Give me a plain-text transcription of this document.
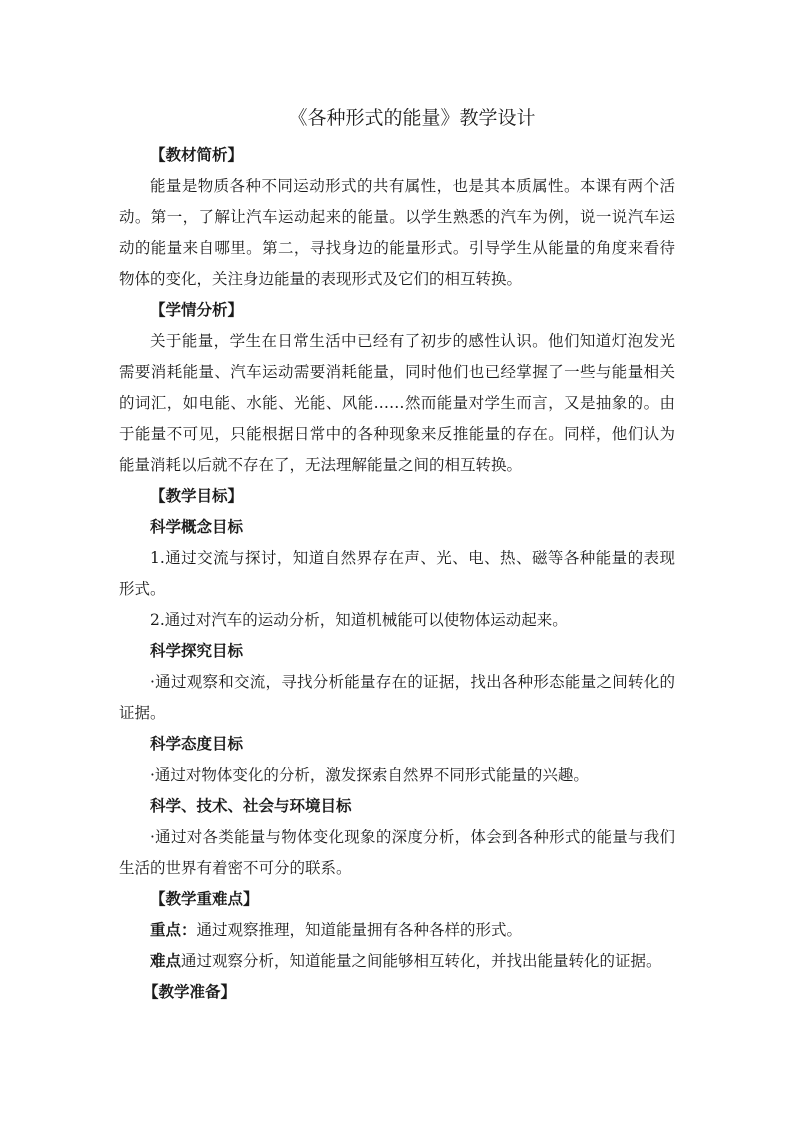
《各种形式的能量》教学设计
【教材简析】

能量是物质各种不同运动形式的共有属性，也是其本质属性。本课有两个活动。第一，了解让汽车运动起来的能量。以学生熟悉的汽车为例，说一说汽车运动的能量来自哪里。第二，寻找身边的能量形式。引导学生从能量的角度来看待物体的变化，关注身边能量的表现形式及它们的相互转换。

【学情分析】

关于能量，学生在日常生活中已经有了初步的感性认识。他们知道灯泡发光需要消耗能量、汽车运动需要消耗能量，同时他们也已经掌握了一些与能量相关的词汇，如电能、水能、光能、风能……然而能量对学生而言，又是抽象的。由于能量不可见，只能根据日常中的各种现象来反推能量的存在。同样，他们认为能量消耗以后就不存在了，无法理解能量之间的相互转换。

【教学目标】
科学概念目标

1.通过交流与探讨，知道自然界存在声、光、电、热、磁等各种能量的表现形式。

2.通过对汽车的运动分析，知道机械能可以使物体运动起来。

科学探究目标

·通过观察和交流，寻找分析能量存在的证据，找出各种形态能量之间转化的证据。

科学态度目标

·通过对物体变化的分析，激发探索自然界不同形式能量的兴趣。

科学、技术、社会与环境目标

·通过对各类能量与物体变化现象的深度分析，体会到各种形式的能量与我们生活的世界有着密不可分的联系。

【教学重难点】
重点：通过观察推理，知道能量拥有各种各样的形式。
难点通过观察分析，知道能量之间能够相互转化，并找出能量转化的证据。
【教学准备】
